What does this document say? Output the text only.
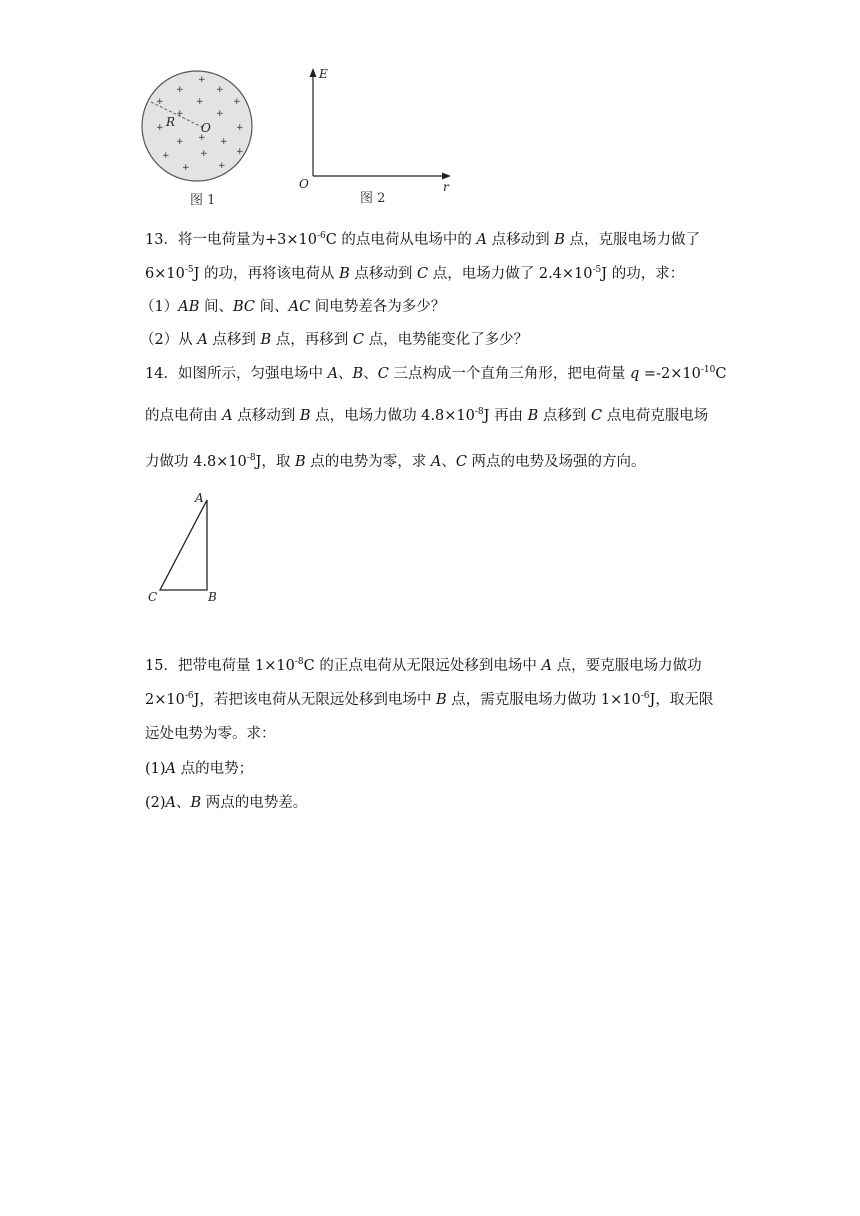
+
+	+
+	+	+
+	+
+	+
+ + +
+	+	+
+	+
R O
图 1
E
r
O
图 2
13．将一电荷量为$+3\times 10^{-6}C$ 的点电荷从电场中的 A 点移动到 B 点，克服电场力做了
$6\times 10^{-5}J$ 的功，再将该电荷从 B 点移动到 C 点，电场力做了 $2.4\times 10^{-5}J$ 的功，求：
（1）AB 间、BC 间、AC 间电势差各为多少？
（2）从 A 点移到 B 点，再移到 C 点，电势能变化了多少？
14．如图所示，匀强电场中 A、B、C 三点构成一个直角三角形，把电荷量 $q =-2\times 10^{-10}C$
的点电荷由 A 点移动到 B 点，电场力做功 $4.8\times 10^{-8}J$ 再由 B 点移到 C 点电荷克服电场
力做功 $4.8\times 10^{-8}J$，取 B 点的电势为零，求 A、C 两点的电势及场强的方向。
A
B
C
15．把带电荷量 $1\times 10^{-8}C$ 的正点电荷从无限远处移到电场中 A 点，要克服电场力做功
$2\times 10^{-6}J$，若把该电荷从无限远处移到电场中 B 点，需克服电场力做功 $1\times 10^{-6}J$，取无限
远处电势为零。求：
(1)A 点的电势；
(2)A、B 两点的电势差。
